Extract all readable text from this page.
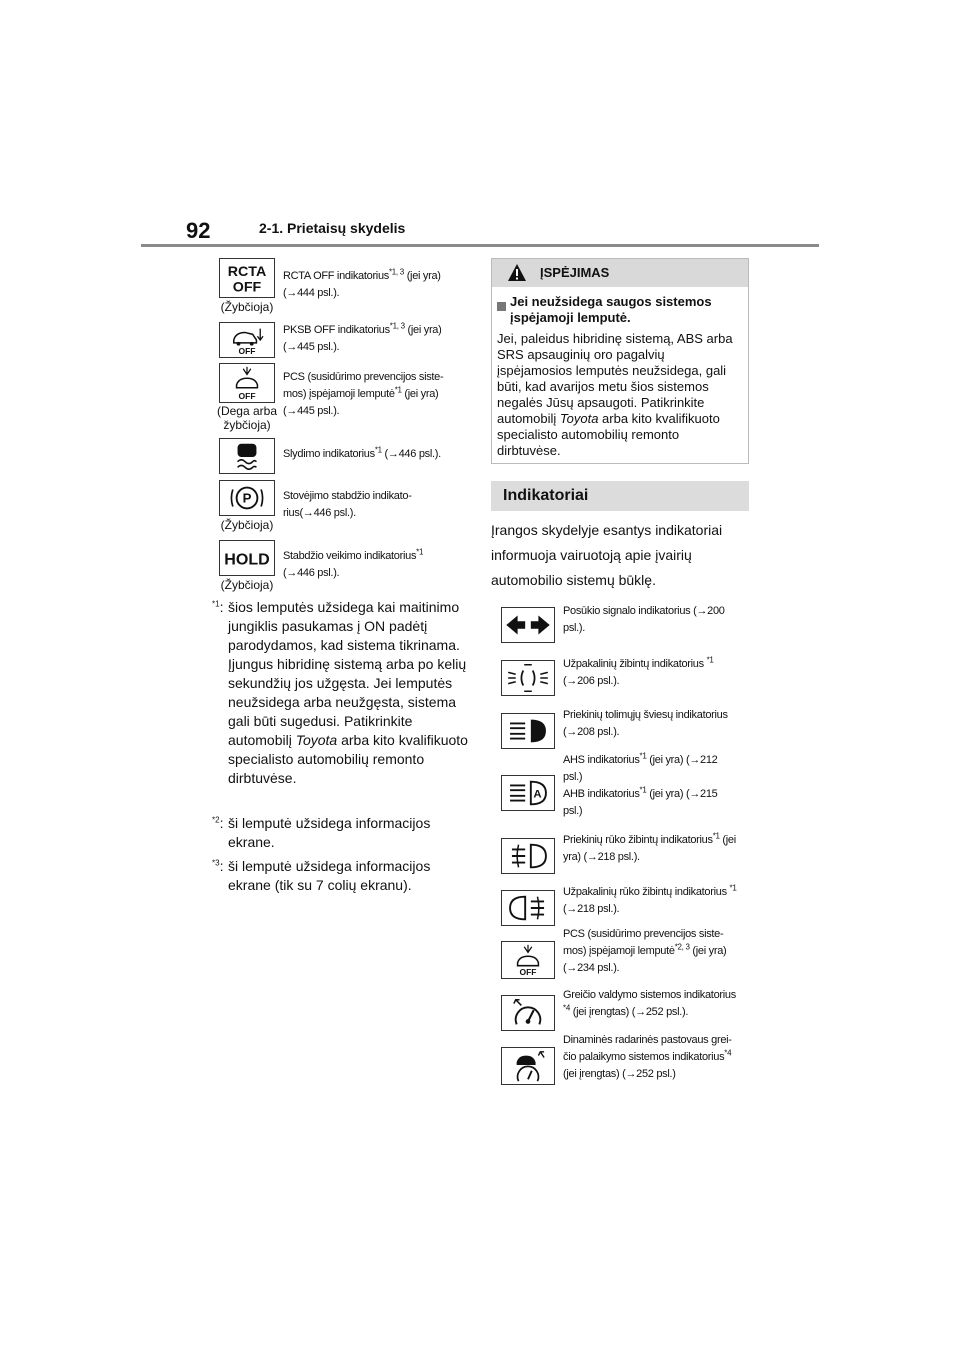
92	2-1. Prietaisų skydelis
RCTA
OFF
(Žybčioja)
RCTA OFF indikatorius$^{*1, 3}$ (jei yra)
(→444 psl.).
OFF
PKSB OFF indikatorius$^{*1, 3}$ (jei yra)
(→445 psl.).
OFF
(Dega arba žybčioja)
PCS (susidūrimo prevencijos siste-
mos) įspėjamoji lemputė$^{*1}$ (jei yra)
(→445 psl.).
Slydimo indikatorius$^{*1}$ (→446 psl.).
P
(Žybčioja)
Stovėjimo stabdžio indikato-
rius(→446 psl.).
HOLD
(Žybčioja)
Stabdžio veikimo indikatorius$^{*1}$
(→446 psl.).
$^{*1}$: šios lemputės užsidega kai maitinimo jungiklis pasukamas į ON padėtį parodydamos, kad sistema tikrinama. Įjungus hibridinę sistemą arba po kelių sekundžių jos užgęsta. Jei lemputės neužsidega arba neužgęsta, sistema gali būti sugedusi. Patikrinkite automobilį Toyota arba kito kvalifikuoto specialisto automobilių remonto dirbtuvėse.
$^{*2}$: ši lemputė užsidega informacijos ekrane.
$^{*3}$: ši lemputė užsidega informacijos ekrane (tik su 7 colių ekranu).
ĮSPĖJIMAS
Jei neužsidega saugos sistemos įspėjamoji lemputė.
Jei, paleidus hibridinę sistemą, ABS arba SRS apsauginių oro pagalvių įspėjamosios lemputės neužsidega, gali būti, kad avarijos metu šios sistemos negalės Jūsų apsaugoti. Patikrinkite automobilį Toyota arba kito kvalifikuoto specialisto automobilių remonto dirbtuvėse.
Indikatoriai
Įrangos skydelyje esantys indikatoriai informuoja vairuotoją apie įvairių automobilio sistemų būklę.
Posūkio signalo indikatorius (→200
psl.).
Užpakalinių žibintų indikatorius $^{*1}$
(→206 psl.).
Priekinių tolimųjų šviesų indikatorius
(→208 psl.).
A
AHS indikatorius$^{*1}$ (jei yra) (→212
psl.)
AHB indikatorius$^{*1}$ (jei yra) (→215
psl.)
Priekinių rūko žibintų indikatorius$^{*1}$ (jei
yra) (→218 psl.).
Užpakalinių rūko žibintų indikatorius $^{*1}$
(→218 psl.).
OFF
PCS (susidūrimo prevencijos siste-
mos) įspėjamoji lemputė$^{*2, 3}$ (jei yra)
(→234 psl.).
Greičio valdymo sistemos indikatorius
$^{*4}$ (jei įrengtas) (→252 psl.).
Dinaminės radarinės pastovaus grei-
čio palaikymo sistemos indikatorius$^{*4}$
(jei įrengtas) (→252 psl.)
